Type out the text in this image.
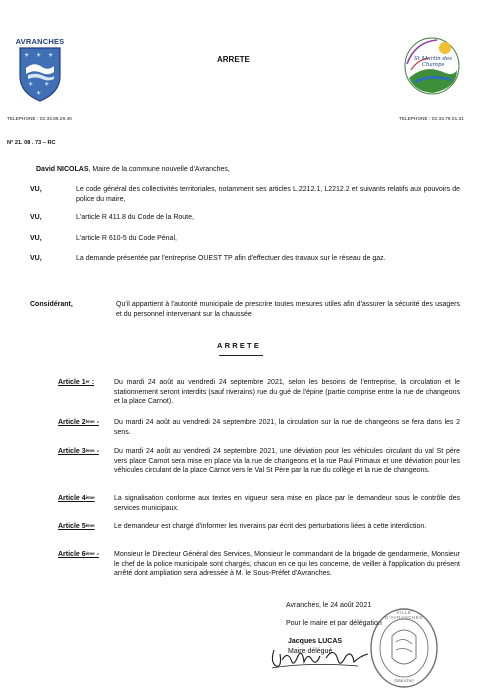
AVRANCHES
⚜ ⚜ ⚜
⚜ ⚜
⚜
ARRETE	St Martin des Champs
TELEPHONE : 02.33.89.29.40	TELEPHONE : 02.33.79.01.31
N° 21. 08 . 73 – RC
David NICOLAS, Maire de la commune nouvelle d'Avranches,
VU,	Le code général des collectivités territoriales, notamment ses articles L.2212.1, L2212.2 et suivants relatifs aux pouvoirs de police du maire,
VU,	L'article R 411.8 du Code de la Route,
VU,	L'article R 610-5 du Code Pénal,
VU,	La demande présentée par l'entreprise OUEST TP afin d'effectuer des travaux sur le réseau de gaz.
Considérant,	Qu'il appartient à l'autorité municipale de prescrire toutes mesures utiles afin d'assurer la sécurité des usagers et du personnel intervenant sur la chaussée
ARRETE
Article 1er :	Du mardi 24 août au vendredi 24 septembre 2021, selon les besoins de l'entreprise, la circulation et le stationnement seront interdits (sauf riverains) rue du gué de l'épine (partie comprise entre la rue de changeons et la place Carnot).
Article 2ème - Du mardi 24 août au vendredi 24 septembre 2021, la circulation sur la rue de changeons se fera dans les 2 sens.
Article 3ème - Du mardi 24 août au vendredi 24 septembre 2021, une déviation pour les véhicules circulant du val St père vers place Carnot sera mise en place via la rue de changeons et la rue Paul Primaux et une déviation pour les véhicules circulant de la place Carnot vers le Val St Père par la rue du collège et la rue de changeons.
Article 4ème	La signalisation conforme aux textes en vigueur sera mise en place par le demandeur sous le contrôle des services municipaux.
Article 5ème	Le demandeur est chargé d'informer les riverains par écrit des perturbations liées à cette interdiction.
Article 6ème - Monsieur le Directeur Général des Services, Monsieur le commandant de la brigade de gendarmerie, Monsieur le chef de la police municipale sont chargés, chacun en ce qui les concerne, de veiller à l'application du présent arrêté dont ampliation sera adressée à M. le Sous-Préfet d'Avranches.
Avranches, le 24 août 2021
Pour le maire et par délégation
Jacques LUCAS
Maire délégué
VILLE D'AVRANCHES
(Manche)
